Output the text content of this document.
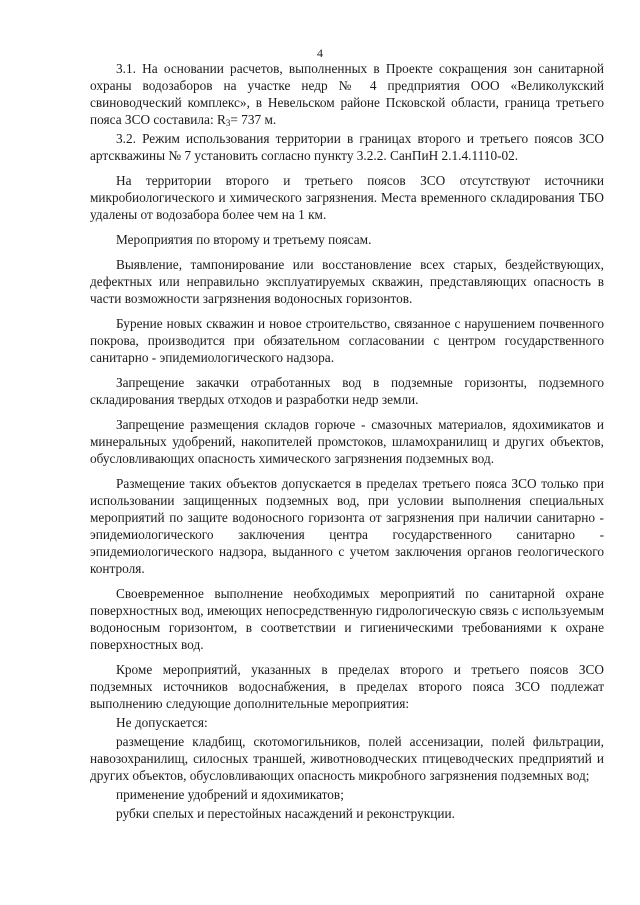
4

3.1. На основании расчетов, выполненных в Проекте сокращения зон санитарной охраны водозаборов на участке недр № 4 предприятия ООО «Великолукский свиноводческий комплекс», в Невельском районе Псковской области, граница третьего пояса ЗСО составила: $R_3= 737$ м.

3.2. Режим использования территории в границах второго и третьего поясов ЗСО артскважины № 7 установить согласно пункту 3.2.2. СанПиН 2.1.4.1110-02.

На территории второго и третьего поясов ЗСО отсутствуют источники микробиологического и химического загрязнения. Места временного складирования ТБО удалены от водозабора более чем на 1 км.

Мероприятия по второму и третьему поясам.

Выявление, тампонирование или восстановление всех старых, бездействующих, дефектных или неправильно эксплуатируемых скважин, представляющих опасность в части возможности загрязнения водоносных горизонтов.

Бурение новых скважин и новое строительство, связанное с нарушением почвенного покрова, производится при обязательном согласовании с центром государственного санитарно - эпидемиологического надзора.

Запрещение закачки отработанных вод в подземные горизонты, подземного складирования твердых отходов и разработки недр земли.

Запрещение размещения складов горюче - смазочных материалов, ядохимикатов и минеральных удобрений, накопителей промстоков, шламохранилищ и других объектов, обусловливающих опасность химического загрязнения подземных вод.

Размещение таких объектов допускается в пределах третьего пояса ЗСО только при использовании защищенных подземных вод, при условии выполнения специальных мероприятий по защите водоносного горизонта от загрязнения при наличии санитарно - эпидемиологического заключения центра государственного санитарно - эпидемиологического надзора, выданного с учетом заключения органов геологического контроля.

Своевременное выполнение необходимых мероприятий по санитарной охране поверхностных вод, имеющих непосредственную гидрологическую связь с используемым водоносным горизонтом, в соответствии и гигиеническими требованиями к охране поверхностных вод.

Кроме мероприятий, указанных в пределах второго и третьего поясов ЗСО подземных источников водоснабжения, в пределах второго пояса ЗСО подлежат выполнению следующие дополнительные мероприятия:

Не допускается:

размещение кладбищ, скотомогильников, полей ассенизации, полей фильтрации, навозохранилищ, силосных траншей, животноводческих птицеводческих предприятий и других объектов, обусловливающих опасность микробного загрязнения подземных вод;

применение удобрений и ядохимикатов;

рубки спелых и перестойных насаждений и реконструкции.
